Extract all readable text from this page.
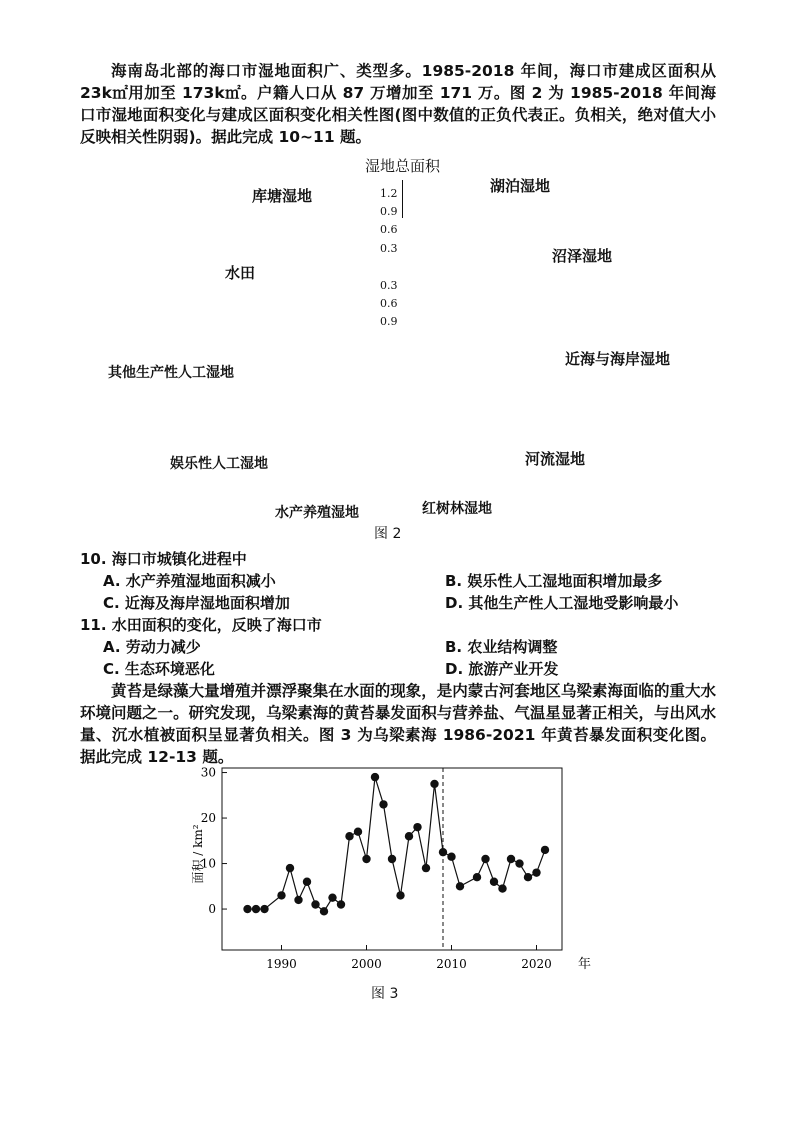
海南岛北部的海口市湿地面积广、类型多。1985-2018 年间，海口市建成区面积从 23k㎡用加至 173k㎡。户籍人口从 87 万增加至 171 万。图 2 为 1985-2018 年间海口市湿地面积变化与建成区面积变化相关性图(图中数值的正负代表正。负相关，绝对值大小反映相关性阴弱)。据此完成 10~11 题。
湿地总面积
1.2
0.9
0.6
0.3
0.3
0.6
0.9
库塘湿地
湖泊湿地
沼泽湿地
水田
其他生产性人工湿地
近海与海岸湿地
娱乐性人工湿地	河流湿地
水产养殖湿地	红树林湿地
图 2
10. 海口市城镇化进程中
A. 水产养殖湿地面积减小	B. 娱乐性人工湿地面积增加最多
C. 近海及海岸湿地面积增加	D. 其他生产性人工湿地受影响最小
11. 水田面积的变化，反映了海口市
A. 劳动力减少	B. 农业结构调整
C. 生态环境恶化	D. 旅游产业开发
黄苔是绿藻大量增殖并漂浮聚集在水面的现象，是内蒙古河套地区乌梁素海面临的重大水环境问题之一。研究发现，乌梁素海的黄苔暴发面积与营养盐、气温星显著正相关，与出风水量、沉水植被面积呈显著负相关。图 3 为乌梁素海 1986-2021 年黄苔暴发面积变化图。据此完成 12-13 题。
0
10
20
30
1990	2000	2010	2020 年
面积 / km²
图 3
